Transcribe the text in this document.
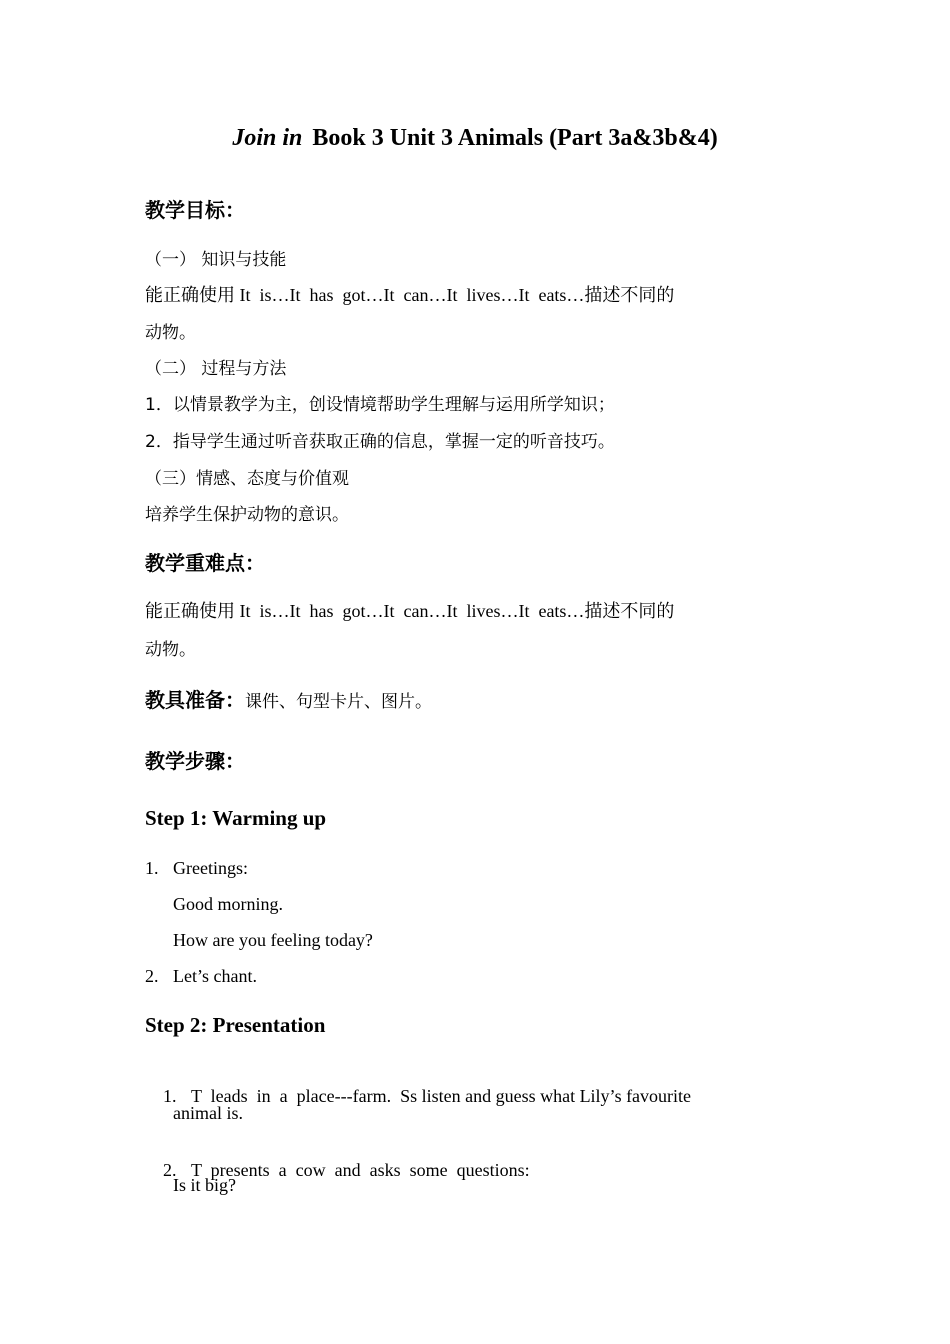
Join in Book 3 Unit 3 Animals (Part 3a&3b&4)
教学目标：
（一） 知识与技能
能正确使用 It  is…It  has  got…It  can…It  lives…It  eats…描述不同的
动物。
（二） 过程与方法
1．以情景教学为主，创设情境帮助学生理解与运用所学知识；
2．指导学生通过听音获取正确的信息，掌握一定的听音技巧。
（三）情感、态度与价值观
培养学生保护动物的意识。
教学重难点：
能正确使用 It  is…It  has  got…It  can…It  lives…It  eats…描述不同的
动物。
教具准备：课件、句型卡片、图片。
教学步骤：
Step 1: Warming up
1. Greetings:
Good morning.
How are you feeling today?
2. Let’s chant.
Step 2: Presentation

1. T  leads  in  a  place---farm.  Ss listen and guess what Lily’s favourite

animal is.

2. T  presents  a  cow  and  asks  some  questions:

Is it big?
